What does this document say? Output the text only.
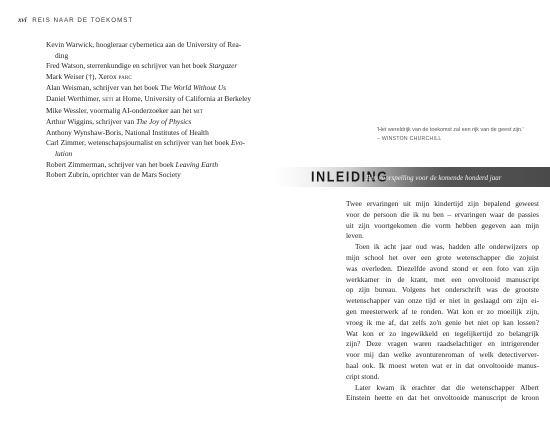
xvi REIS NAAR DE TOEKOMST
Kevin Warwick, hoogleraar cybernetica aan de University of Rea-
ding
Fred Watson, sterrenkundige en schrijver van het boek Stargazer
Mark Weiser (†), Xerox parc
Alan Weisman, schrijver van het boek The World Without Us
Daniel Werthimer, seti at Home, University of California at Berkeley
Mike Wessler, voormalig AI-onderzoeker aan het mit
Arthur Wiggins, schrijver van The Joy of Physics
Anthony Wynshaw-Boris, National Institutes of Health
Carl Zimmer, wetenschapsjournalist en schrijver van het boek Evo-
lution
Robert Zimmerman, schrijver van het boek Leaving Earth
Robert Zubrin, oprichter van de Mars Society
'Het wereldrijk van de toekomst zal een rijk van de geest zijn.'
– WINSTON CHURCHILL
INLEIDING
Een voorspelling voor de komende honderd jaar
Twee ervaringen uit mijn kindertijd zijn bepalend geweest
voor de persoon die ik nu ben – ervaringen waar de passies
uit zijn voortgekomen die vorm hebben gegeven aan mijn
leven.
Toen ik acht jaar oud was, hadden alle onderwijzers op
mijn school het over een grote wetenschapper die zojuist
was overleden. Diezelfde avond stond er een foto van zijn
werkkamer in de krant, met een onvoltooid manuscript
op zijn bureau. Volgens het onderschrift was de grootste
wetenschapper van onze tijd er niet in geslaagd om zijn ei-
gen meesterwerk af te ronden. Wat kon er zo moeilijk zijn,
vroeg ik me af, dat zelfs zo'n genie het niet op kan lossen?
Wat kon er zo ingewikkeld en tegelijkertijd zo belangrijk
zijn? Deze vragen waren raadselachtiger en intrigerender
voor mij dan welke avonturenroman of welk detectiverver-
haal ook. Ik moest weten wat er in dat onvoltooide manus-
cript stond.
Later kwam ik erachter dat die wetenschapper Albert
Einstein heette en dat het onvoltooide manuscript de kroon
